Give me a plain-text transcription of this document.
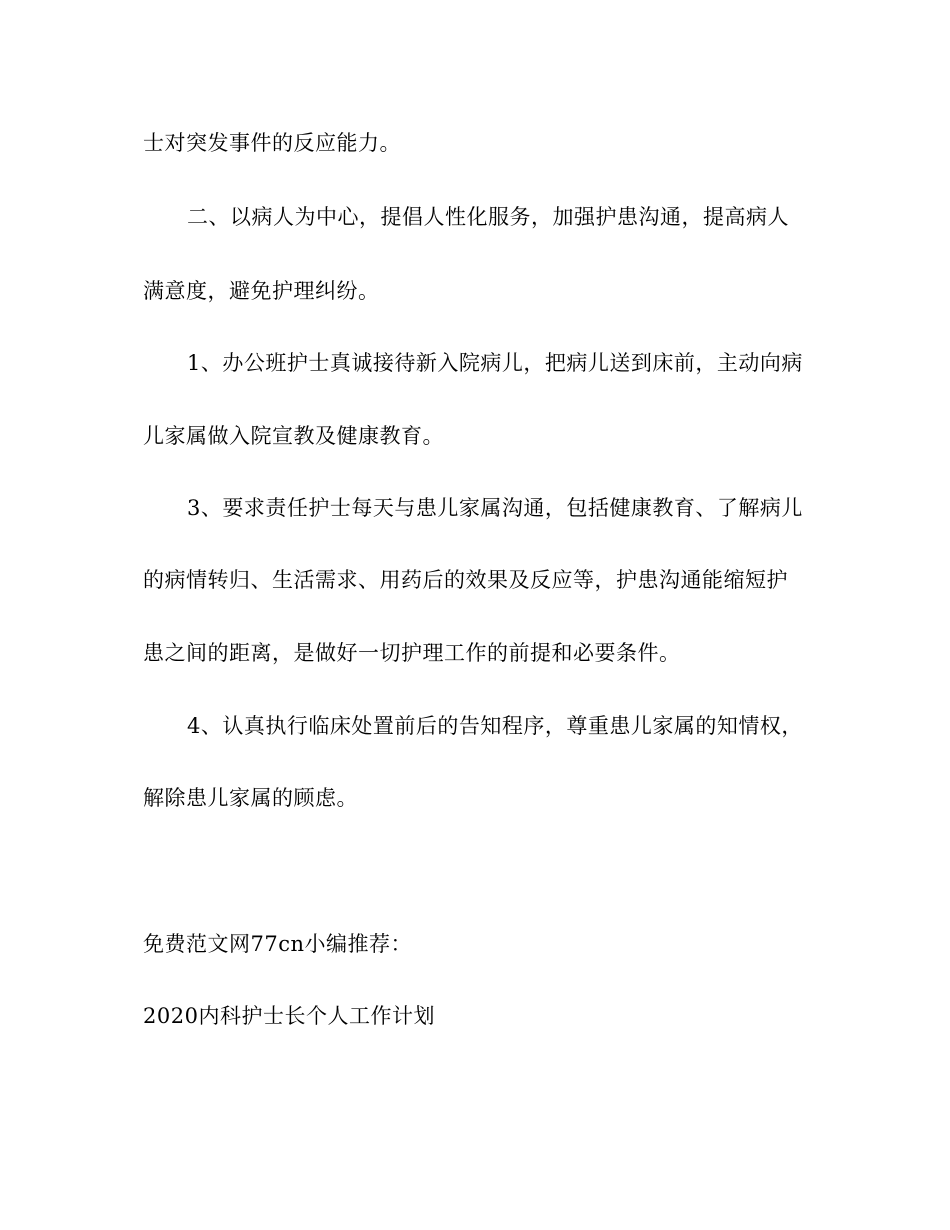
士对突发事件的反应能力。
二、以病人为中心，提倡人性化服务，加强护患沟通，提高病人
满意度，避免护理纠纷。
1、办公班护士真诚接待新入院病儿，把病儿送到床前，主动向病
儿家属做入院宣教及健康教育。
3、要求责任护士每天与患儿家属沟通，包括健康教育、了解病儿
的病情转归、生活需求、用药后的效果及反应等，护患沟通能缩短护
患之间的距离，是做好一切护理工作的前提和必要条件。
4、认真执行临床处置前后的告知程序，尊重患儿家属的知情权，
解除患儿家属的顾虑。
免费范文网77cn小编推荐：
2020内科护士长个人工作计划
